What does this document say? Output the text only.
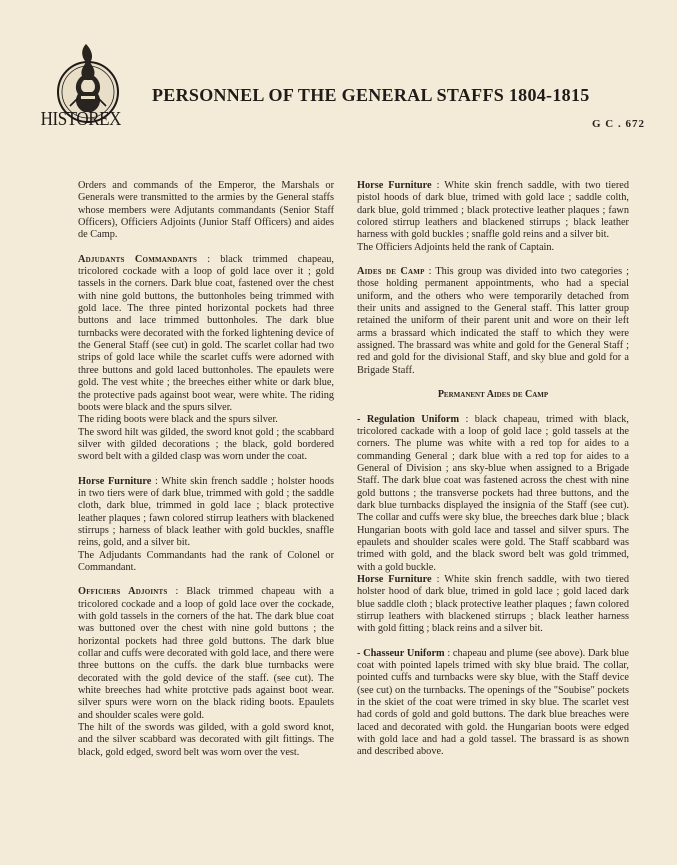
HISTOREX
PERSONNEL OF THE GENERAL STAFFS 1804-1815
G C . 672

Orders and commands of the Emperor, the Marshals or Generals were transmitted to the armies by the General staffs whose members were Adjutants commandants (Senior Staff Officers), Officiers Adjoints (Junior Staff Officers) and aides de Camp.

Adjudants Commandants : black trimmed chapeau, tricolored cockade with a loop of gold lace over it ; gold tassels in the corners. Dark blue coat, fastened over the chest with nine gold buttons, the buttonholes being trimmed with gold lace. The three pinted horizontal pockets had three buttons and lace trimmed buttonholes. The dark blue turnbacks were decorated with the forked lightening device of the General Staff (see cut) in gold. The scarlet collar had two strips of gold lace while the scarlet cuffs were adorned with three buttons and gold laced buttonholes. The epaulets were gold. The vest white ; the breeches either white or dark blue, the protective pads against boot wear, were white. The riding boots were black and the spurs silver.

The riding boots were black and the spurs silver.

The sword hilt was gilded, the sword knot gold ; the scabbard silver with gilded decorations ; the black, gold bordered sword belt with a gilded clasp was worn under the coat.

Horse Furniture : White skin french saddle ; holster hoods in two tiers were of dark blue, trimmed with gold ; the saddle cloth, dark blue, trimmed in gold lace ; black protective leather plaques ; fawn colored stirrup leathers with blackened stirrups ; harness of black leather with gold buckles, snaffle reins, gold, and a silver bit.

The Adjudants Commandants had the rank of Colonel or Commandant.

Officiers Adjoints : Black trimmed chapeau with a tricolored cockade and a loop of gold lace over the cockade, with gold tassels in the corners of the hat. The dark blue coat was buttoned over the chest with nine gold buttons ; the horizontal pockets had three gold buttons. The dark blue collar and cuffs were decorated with gold lace, and there were three buttons on the cuffs. the dark blue turnbacks were decorated with the gold device of the staff. (see cut). The white breeches had white protctive pads against boot wear. silver spurs were worn on the black riding boots. Epaulets and shoulder scales were gold.

The hilt of the swords was gilded, with a gold sword knot, and the silver scabbard was decorated with gilt fittings. The black, gold edged, sword belt was worn over the vest.

Horse Furniture : White skin french saddle, with two tiered pistol hoods of dark blue, trimed with gold lace ; saddle colth, dark blue, gold trimmed ; black protective leather plaques ; fawn colored stirrup leathers and blackened stirrups ; black leather harness with gold buckles ; snaffle gold reins and a silver bit.

The Officiers Adjoints held the rank of Captain.

Aides de Camp : This group was divided into two categories ; those holding permanent appointments, who had a special uniform, and the others who were temporarily detached from their units and assigned to the General staff. This latter group retained the uniform of their parent unit and wore on their left arms a brassard which indicated the staff to which they were assigned. The brassard was white and gold for the General Staff ; red and gold for the divisional Staff, and sky blue and gold for a Brigade Staff.

Permanent Aides de Camp

- Regulation Uniform : black chapeau, trimed with black, tricolored cackade with a loop of gold lace ; gold tassels at the corners. The plume was white with a red top for aides to a commanding General ; dark blue with a red top for aides to a General of Division ; ans sky-blue when assigned to a Brigade Staff. The dark blue coat was fastened across the chest with nine gold buttons ; the transverse pockets had three buttons, and the dark blue turnbacks displayed the insignia of the Staff (see cut). The collar and cuffs were sky blue, the breeches dark blue ; black Hungarian boots with gold lace and tassel and silver spurs. The epaulets and shoulder scales were gold. The Staff scabbard was trimed with gold, and the black sword belt was gold trimmed, with a gold buckle.

Horse Furniture : White skin french saddle, with two tiered holster hood of dark blue, trimed in gold lace ; gold laced dark blue saddle cloth ; black protective leather plaques ; fawn colored stirrup leathers with blackened stirrups ; black leather harness with gold fitting ; black reins and a silver bit.

- Chasseur Uniform : chapeau and plume (see above). Dark blue coat with pointed lapels trimed with sky blue braid. The collar, pointed cuffs and turnbacks were sky blue, with the Staff device (see cut) on the turnbacks. The openings of the "Soubise" pockets in the skiet of the coat were trimed in sky blue. The scarlet vest had cords of gold and gold buttons. The dark blue breaches were laced and decorated with gold. the Hungarian boots were edged with gold lace and had a gold tassel. The brassard is as shown and described above.
